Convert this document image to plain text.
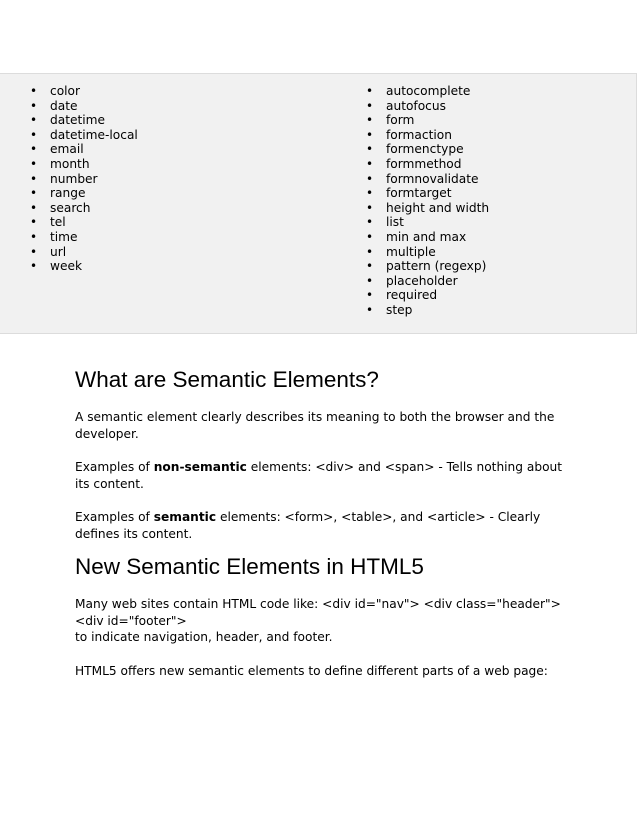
• color
• date
• datetime
• datetime-local
• email
• month
• number
• range
• search
• tel
• time
• url
• week
• autocomplete
• autofocus
• form
• formaction
• formenctype
• formmethod
• formnovalidate
• formtarget
• height and width
• list
• min and max
• multiple
• pattern (regexp)
• placeholder
• required
• step
What are Semantic Elements?

A semantic element clearly describes its meaning to both the browser and the
developer.

Examples of non-semantic elements: <div> and <span> - Tells nothing about
its content.

Examples of semantic elements: <form>, <table>, and <article> - Clearly
defines its content.

New Semantic Elements in HTML5

Many web sites contain HTML code like: <div id="nav"> <div class="header">
<div id="footer">
to indicate navigation, header, and footer.

HTML5 offers new semantic elements to define different parts of a web page:
